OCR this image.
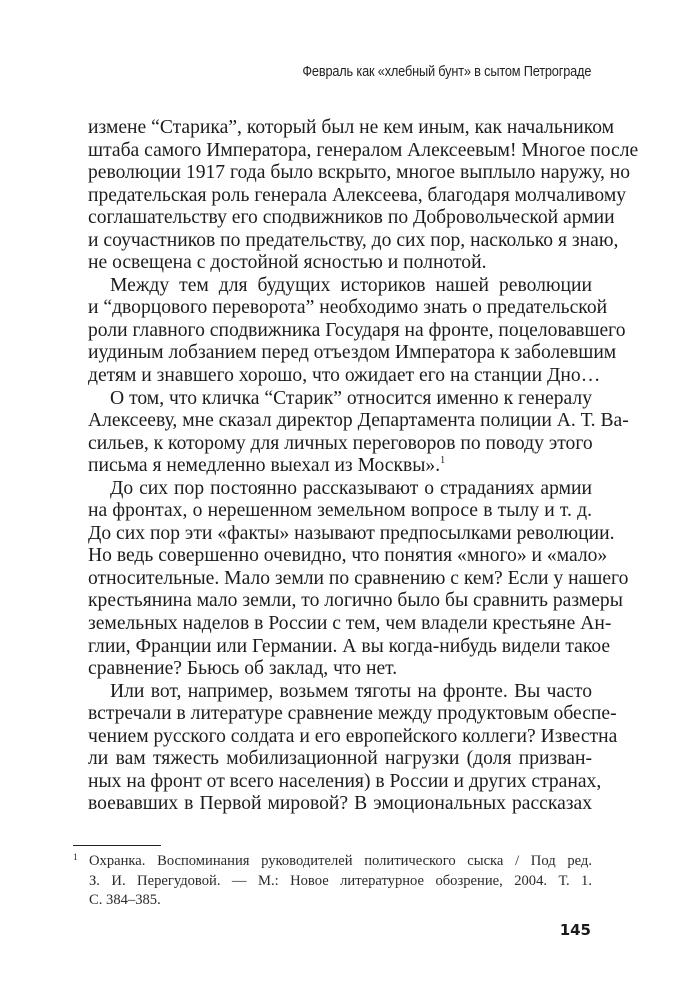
Февраль как «хлебный бунт» в сытом Петрограде
измене “Старика”, который был не кем иным, как начальником
штаба самого Императора, генералом Алексеевым! Многое после
революции 1917 года было вскрыто, многое выплыло наружу, но
предательская роль генерала Алексеева, благодаря молчаливому
соглашательству его сподвижников по Добровольческой армии
и соучастников по предательству, до сих пор, насколько я знаю,
не освещена с достойной ясностью и полнотой.
Между тем для будущих историков нашей революции
и “дворцового переворота” необходимо знать о предательской
роли главного сподвижника Государя на фронте, поцеловавшего
иудиным лобзанием перед отъездом Императора к заболевшим
детям и знавшего хорошо, что ожидает его на станции Дно…
О том, что кличка “Старик” относится именно к генералу
Алексееву, мне сказал директор Департамента полиции А. Т. Ва-
сильев, к которому для личных переговоров по поводу этого
письма я немедленно выехал из Москвы».$^1$
До сих пор постоянно рассказывают о страданиях армии
на фронтах, о нерешенном земельном вопросе в тылу и т. д.
До сих пор эти «факты» называют предпосылками революции.
Но ведь совершенно очевидно, что понятия «много» и «мало»
относительные. Мало земли по сравнению с кем? Если у нашего
крестьянина мало земли, то логично было бы сравнить размеры
земельных наделов в России с тем, чем владели крестьяне Ан-
глии, Франции или Германии. А вы когда-нибудь видели такое
сравнение? Бьюсь об заклад, что нет.
Или вот, например, возьмем тяготы на фронте. Вы часто
встречали в литературе сравнение между продуктовым обеспе-
чением русского солдата и его европейского коллеги? Известна
ли вам тяжесть мобилизационной нагрузки (доля призван-
ных на фронт от всего населения) в России и других странах,
воевавших в Первой мировой? В эмоциональных рассказах
1 Охранка. Воспоминания руководителей политического сыска / Под ред.
З. И. Перегудовой. — М.: Новое литературное обозрение, 2004. Т. 1.
С. 384–385.
145
